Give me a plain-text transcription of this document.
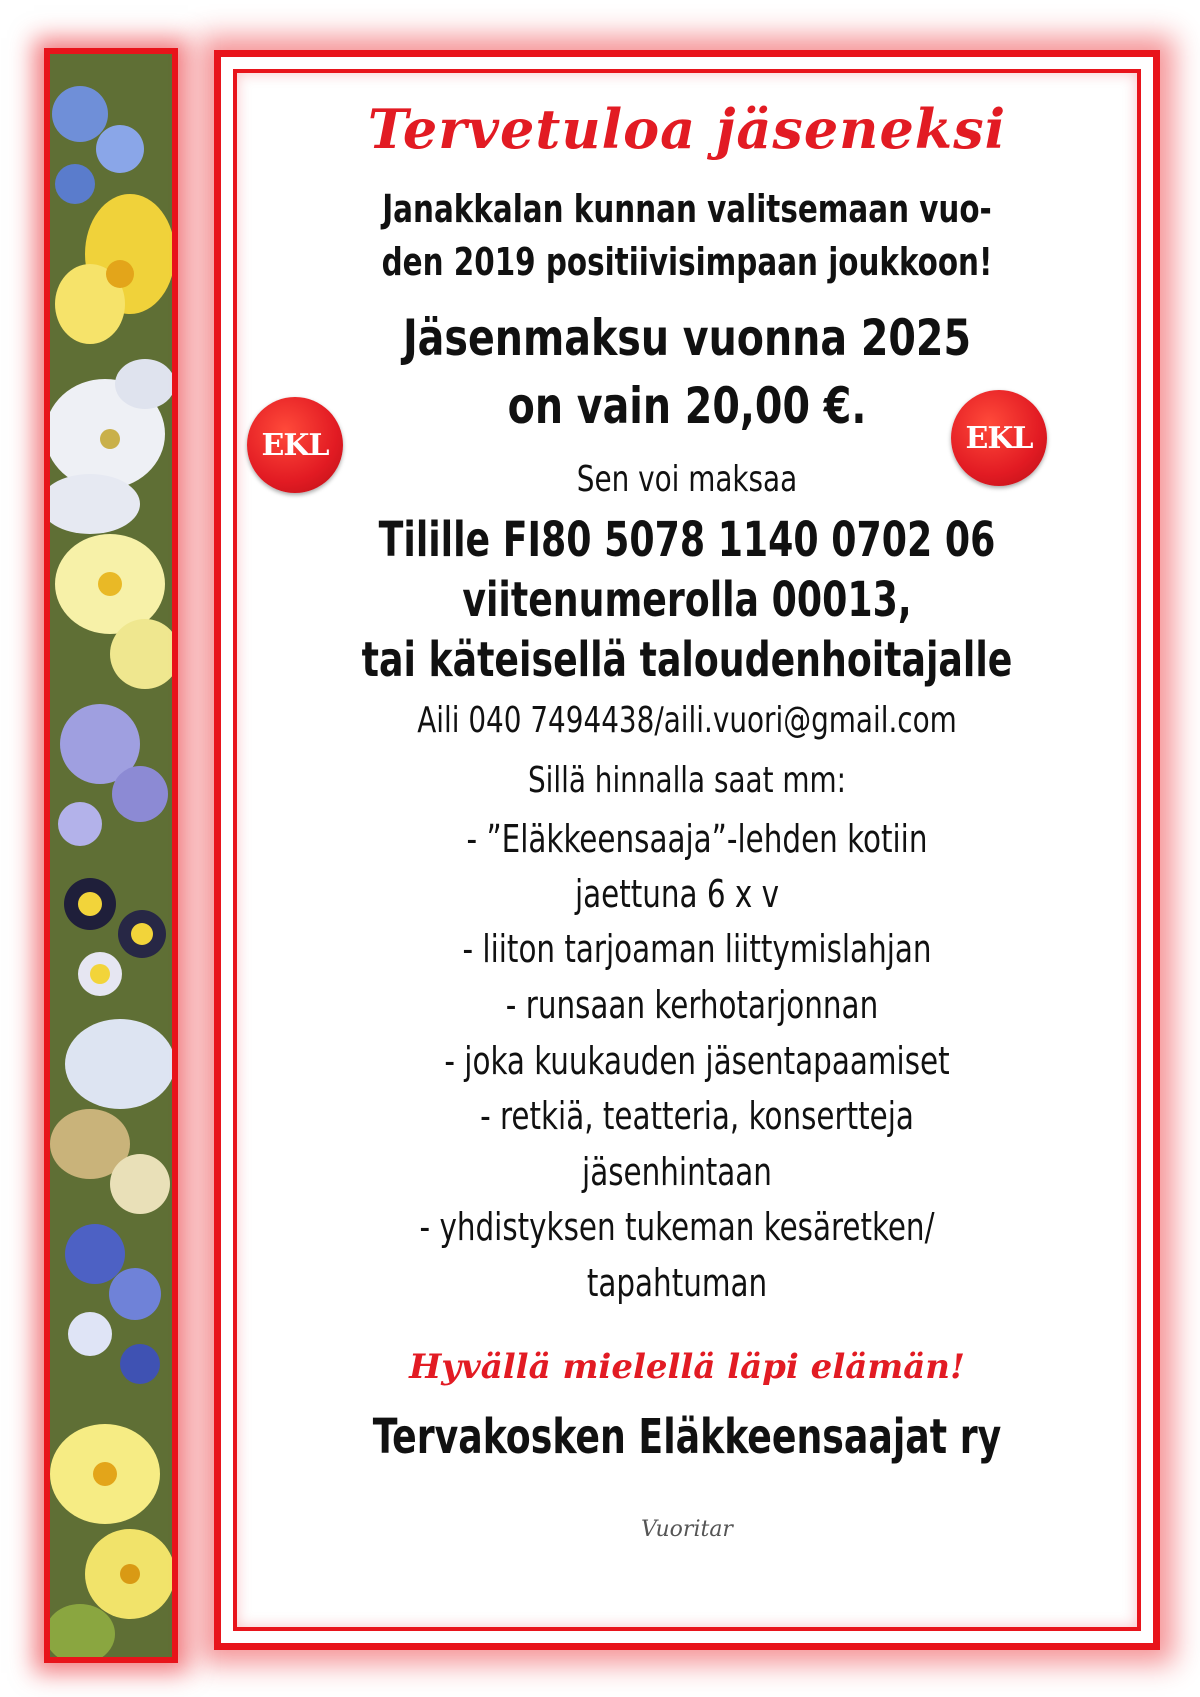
Tervetuloa jäseneksi
Janakkalan kunnan valitsemaan vuo-
den 2019 positiivisimpaan joukkoon!
Jäsenmaksu vuonna 2025
on vain 20,00 €.
Sen voi maksaa
Tilille FI80 5078 1140 0702 06
viitenumerolla 00013,
tai käteisellä taloudenhoitajalle
Aili 040 7494438/aili.vuori@gmail.com
Sillä hinnalla saat mm:
- ”Eläkkeensaaja”-lehden kotiin
jaettuna 6 x v
- liiton tarjoaman liittymislahjan
- runsaan kerhotarjonnan
- joka kuukauden jäsentapaamiset
- retkiä, teatteria, konsertteja
jäsenhintaan
- yhdistyksen tukeman kesäretken/
tapahtuman
Hyvällä mielellä läpi elämän!
Tervakosken Eläkkeensaajat ry
Vuoritar
EKL	EKL
